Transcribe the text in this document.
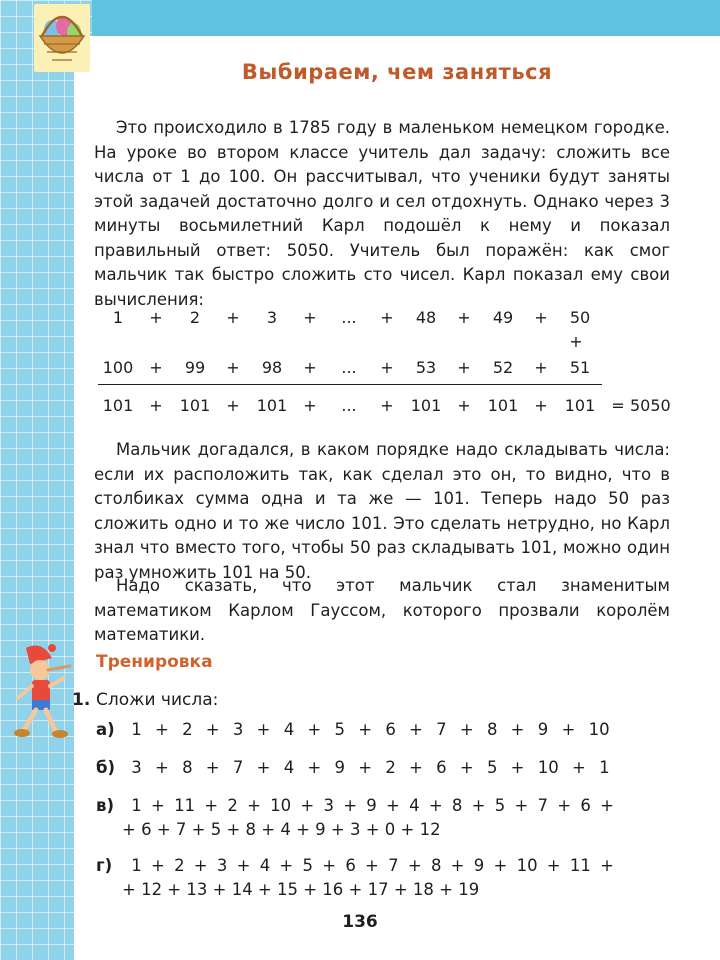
Выбираем, чем заняться
Это происходило в 1785 году в маленьком немецком городке. На уроке во втором классе учитель дал задачу: сложить все числа от 1 до 100. Он рассчитывал, что ученики будут заняты этой задачей достаточно долго и сел отдохнуть. Однако через 3 минуты восьмилетний Карл подошёл к нему и показал правильный ответ: 5050. Учитель был поражён: как смог мальчик так быстро сложить сто чисел. Карл показал ему свои вычисления:
1	+	2	+	3	+	...	+	48	+	49	+	50
+
100	+	99	+	98	+	...	+	53	+	52	+	51
101	+	101	+	101	+	...	+	101	+	101	+	101	= 5050
Мальчик догадался, в каком порядке надо складывать числа: если их расположить так, как сделал это он, то видно, что в столбиках сумма одна и та же — 101. Теперь надо 50 раз сложить одно и то же число 101. Это сделать нетрудно, но Карл знал что вместо того, чтобы 50 раз складывать 101, можно один раз умножить 101 на 50.
Надо сказать, что этот мальчик стал знаменитым математиком Карлом Гауссом, которого прозвали королём математики.
Тренировка
1. Сложи числа:
а) 1 + 2 + 3 + 4 + 5 + 6 + 7 + 8 + 9 + 10
б) 3 + 8 + 7 + 4 + 9 + 2 + 6 + 5 + 10 + 1
в) 1 + 11 + 2 + 10 + 3 + 9 + 4 + 8 + 5 + 7 + 6 +
+ 6 + 7 + 5 + 8 + 4 + 9 + 3 + 0 + 12
г) 1 + 2 + 3 + 4 + 5 + 6 + 7 + 8 + 9 + 10 + 11 +
+ 12 + 13 + 14 + 15 + 16 + 17 + 18 + 19
136
